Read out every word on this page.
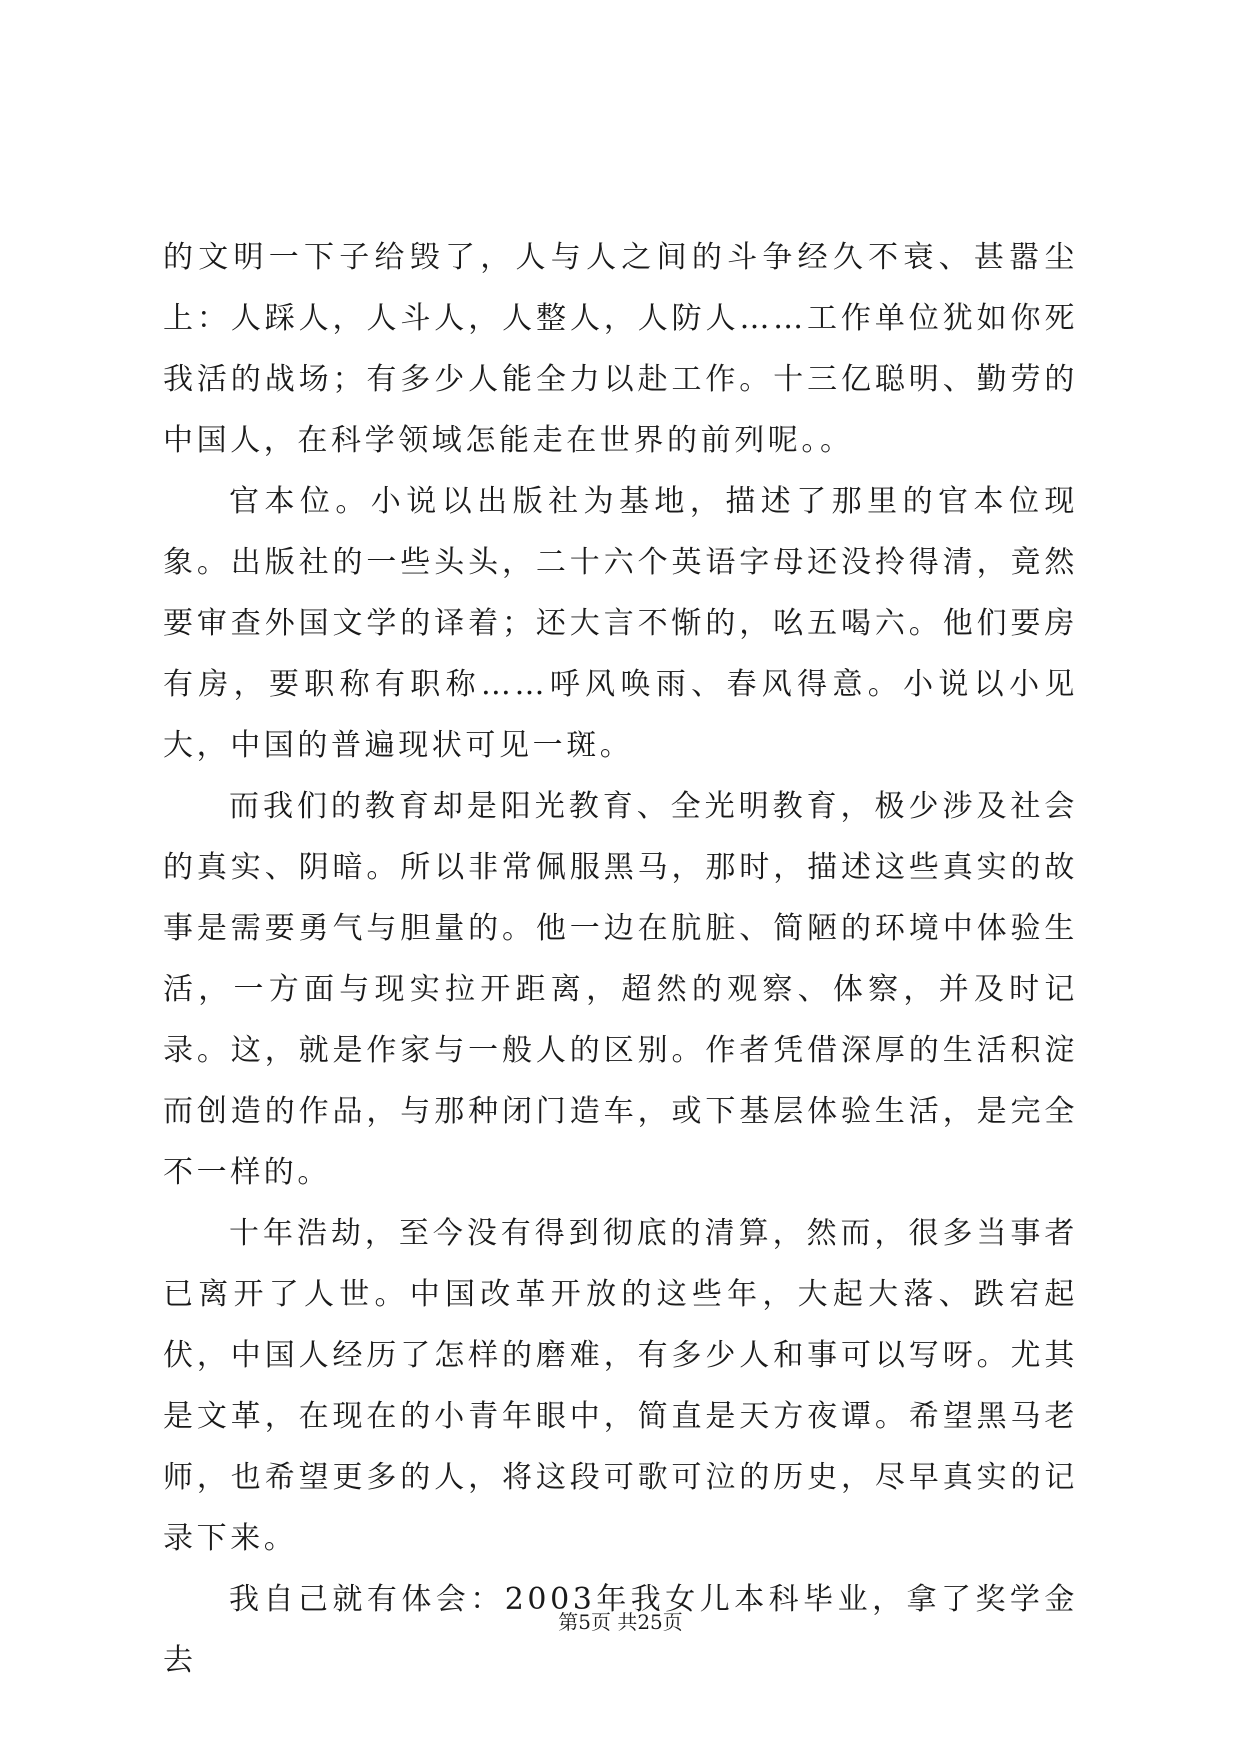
的文明一下子给毁了，人与人之间的斗争经久不衰、甚嚣尘上：人踩人，人斗人，人整人，人防人……工作单位犹如你死我活的战场；有多少人能全力以赴工作。十三亿聪明、勤劳的中国人，在科学领域怎能走在世界的前列呢。。

官本位。小说以出版社为基地，描述了那里的官本位现象。出版社的一些头头，二十六个英语字母还没拎得清，竟然要审查外国文学的译着；还大言不惭的，吆五喝六。他们要房有房，要职称有职称……呼风唤雨、春风得意。小说以小见大，中国的普遍现状可见一斑。

而我们的教育却是阳光教育、全光明教育，极少涉及社会的真实、阴暗。所以非常佩服黑马，那时，描述这些真实的故事是需要勇气与胆量的。他一边在肮脏、简陋的环境中体验生活，一方面与现实拉开距离，超然的观察、体察，并及时记录。这，就是作家与一般人的区别。作者凭借深厚的生活积淀而创造的作品，与那种闭门造车，或下基层体验生活，是完全不一样的。

十年浩劫，至今没有得到彻底的清算，然而，很多当事者已离开了人世。中国改革开放的这些年，大起大落、跌宕起伏，中国人经历了怎样的磨难，有多少人和事可以写呀。尤其是文革，在现在的小青年眼中，简直是天方夜谭。希望黑马老师，也希望更多的人，将这段可歌可泣的历史，尽早真实的记录下来。

我自己就有体会：2003年我女儿本科毕业，拿了奖学金去

第5页 共25页
